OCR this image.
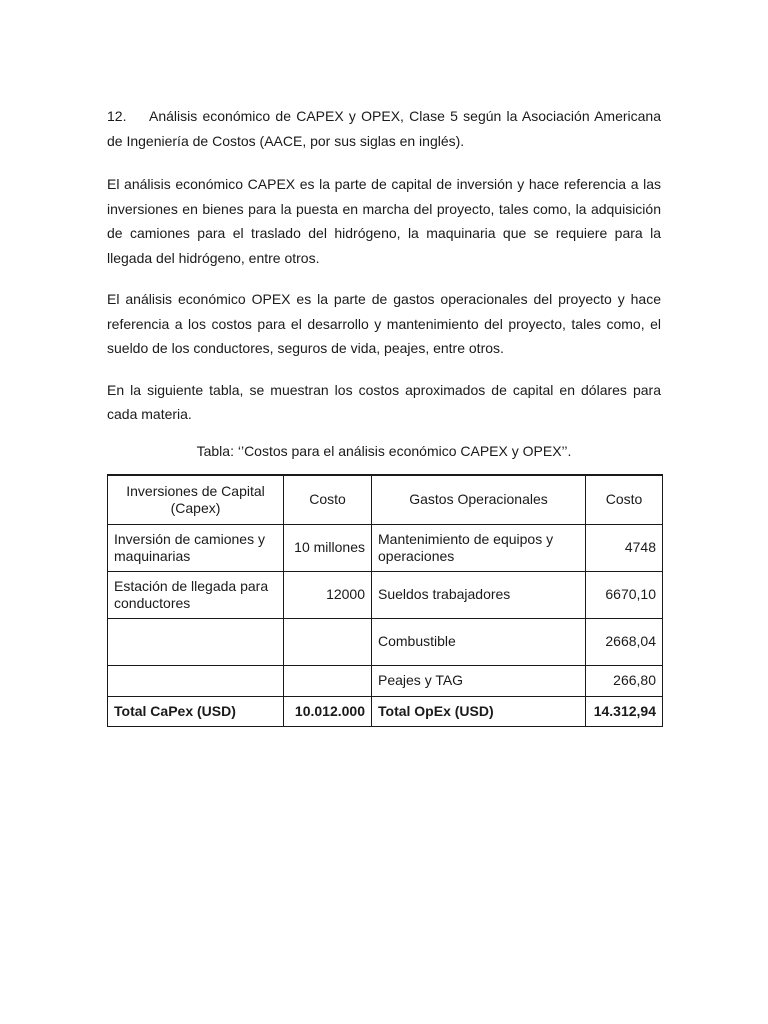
12. Análisis económico de CAPEX y OPEX, Clase 5 según la Asociación Americana de Ingeniería de Costos (AACE, por sus siglas en inglés).

El análisis económico CAPEX es la parte de capital de inversión y hace referencia a las inversiones en bienes para la puesta en marcha del proyecto, tales como, la adquisición de camiones para el traslado del hidrógeno, la maquinaria que se requiere para la llegada del hidrógeno, entre otros.

El análisis económico OPEX es la parte de gastos operacionales del proyecto y hace referencia a los costos para el desarrollo y mantenimiento del proyecto, tales como, el sueldo de los conductores, seguros de vida, peajes, entre otros.

En la siguiente tabla, se muestran los costos aproximados de capital en dólares para cada materia.

Tabla: ‘’Costos para el análisis económico CAPEX y OPEX’’.

Inversiones de Capital (Capex)	Costo	Gastos Operacionales	Costo
Inversión de camiones y maquinarias	10 millones	Mantenimiento de equipos y operaciones	4748
Estación de llegada para conductores	12000	Sueldos trabajadores	6670,10
		Combustible	2668,04
		Peajes y TAG	266,80
Total CaPex (USD)	10.012.000	Total OpEx (USD)	14.312,94
